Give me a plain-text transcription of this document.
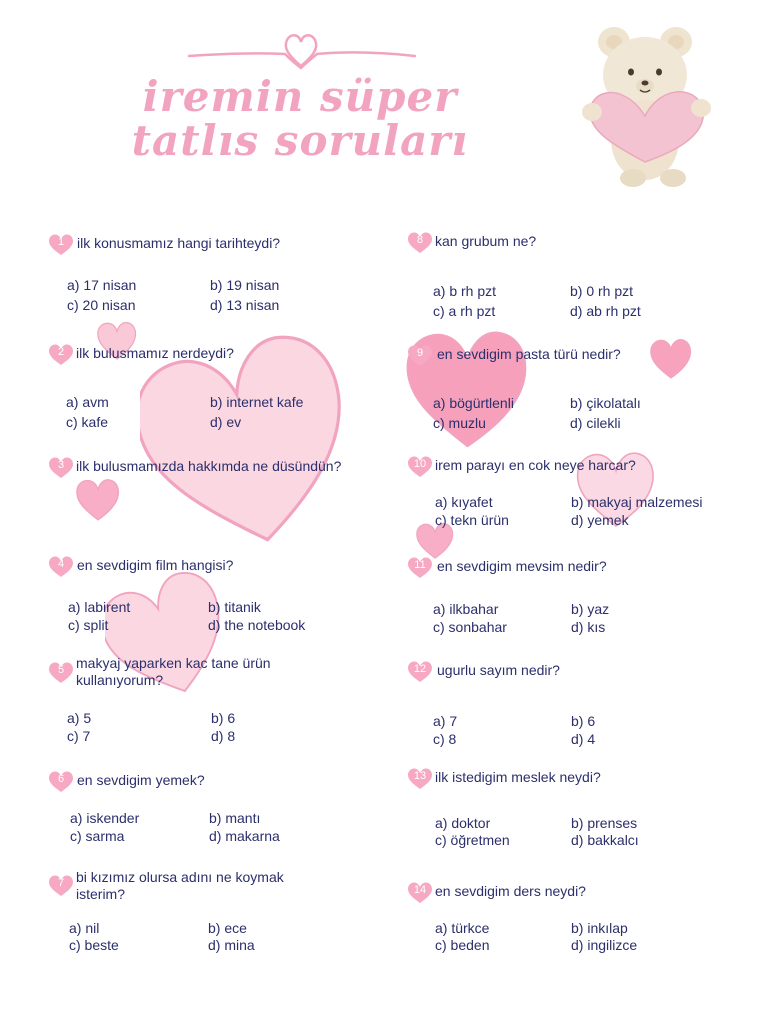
iremin süper
tatlıs soruları
1 ilk konusmamız hangi tarihteydi?
a) 17 nisan	b) 19 nisan
c) 20 nisan	d) 13 nisan
2 ilk bulusmamız nerdeydi?
a) avm	b) internet kafe
c) kafe	d) ev
3 ilk bulusmamızda hakkımda ne düsündün?
4 en sevdigim film hangisi?
a) labirent	b) titanik
c) split	d) the notebook
5 makyaj yaparken kac tane ürün kullanıyorum?
a) 5	b) 6
c) 7	d) 8
6 en sevdigim yemek?
a) iskender	b) mantı
c) sarma	d) makarna
7 bi kızımız olursa adını ne koymak isterim?
a) nil	b) ece
c) beste	d) mina
8 kan grubum ne?
a) b rh pzt	b) 0 rh pzt
c) a rh pzt	d) ab rh pzt
9 en sevdigim pasta türü nedir?
a) bögürtlenli	b) çikolatalı
c) muzlu	d) cilekli
10 irem parayı en cok neye harcar?
a) kıyafet	b) makyaj malzemesi
c) tekn ürün	d) yemek
11 en sevdigim mevsim nedir?
a) ilkbahar	b) yaz
c) sonbahar	d) kıs
12 ugurlu sayım nedir?
a) 7	b) 6
c) 8	d) 4
13 ilk istedigim meslek neydi?
a) doktor	b) prenses
c) öğretmen	d) bakkalcı
14 en sevdigim ders neydi?
a) türkce	b) inkılap
c) beden	d) ingilizce
